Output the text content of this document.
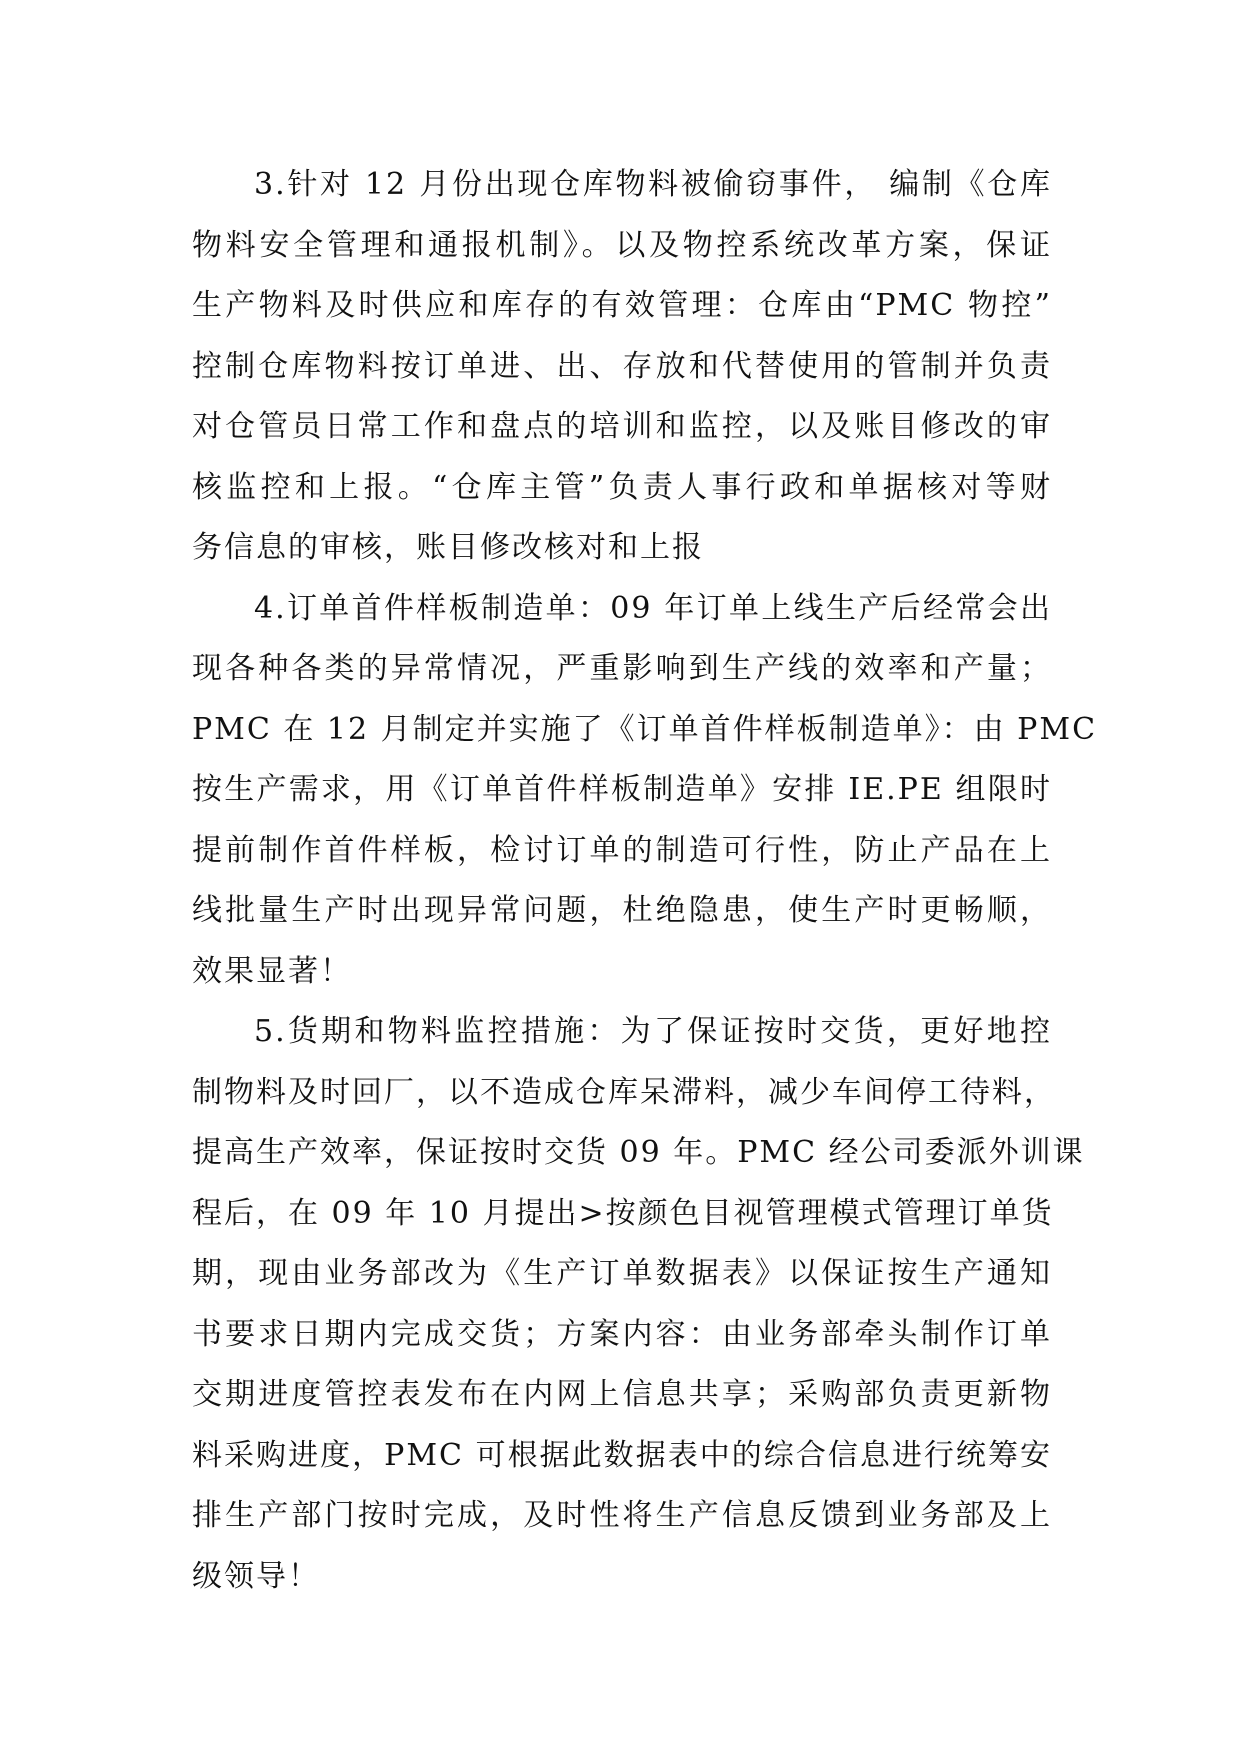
3.针对 12 月份出现仓库物料被偷窃事件， 编制《仓库
物料安全管理和通报机制》。以及物控系统改革方案，保证
生产物料及时供应和库存的有效管理：仓库由“PMC 物控”
控制仓库物料按订单进、出、存放和代替使用的管制并负责
对仓管员日常工作和盘点的培训和监控，以及账目修改的审
核监控和上报。“仓库主管”负责人事行政和单据核对等财
务信息的审核，账目修改核对和上报
4.订单首件样板制造单：09 年订单上线生产后经常会出
现各种各类的异常情况，严重影响到生产线的效率和产量；
PMC 在 12 月制定并实施了《订单首件样板制造单》：由 PMC
按生产需求，用《订单首件样板制造单》安排 IE.PE 组限时
提前制作首件样板，检讨订单的制造可行性，防止产品在上
线批量生产时出现异常问题，杜绝隐患，使生产时更畅顺，
效果显著！
5.货期和物料监控措施：为了保证按时交货，更好地控
制物料及时回厂，以不造成仓库呆滞料，减少车间停工待料，
提高生产效率，保证按时交货 09 年。PMC 经公司委派外训课
程后，在 09 年 10 月提出>按颜色目视管理模式管理订单货
期，现由业务部改为《生产订单数据表》以保证按生产通知
书要求日期内完成交货；方案内容：由业务部牵头制作订单
交期进度管控表发布在内网上信息共享；采购部负责更新物
料采购进度，PMC 可根据此数据表中的综合信息进行统筹安
排生产部门按时完成，及时性将生产信息反馈到业务部及上
级领导！
